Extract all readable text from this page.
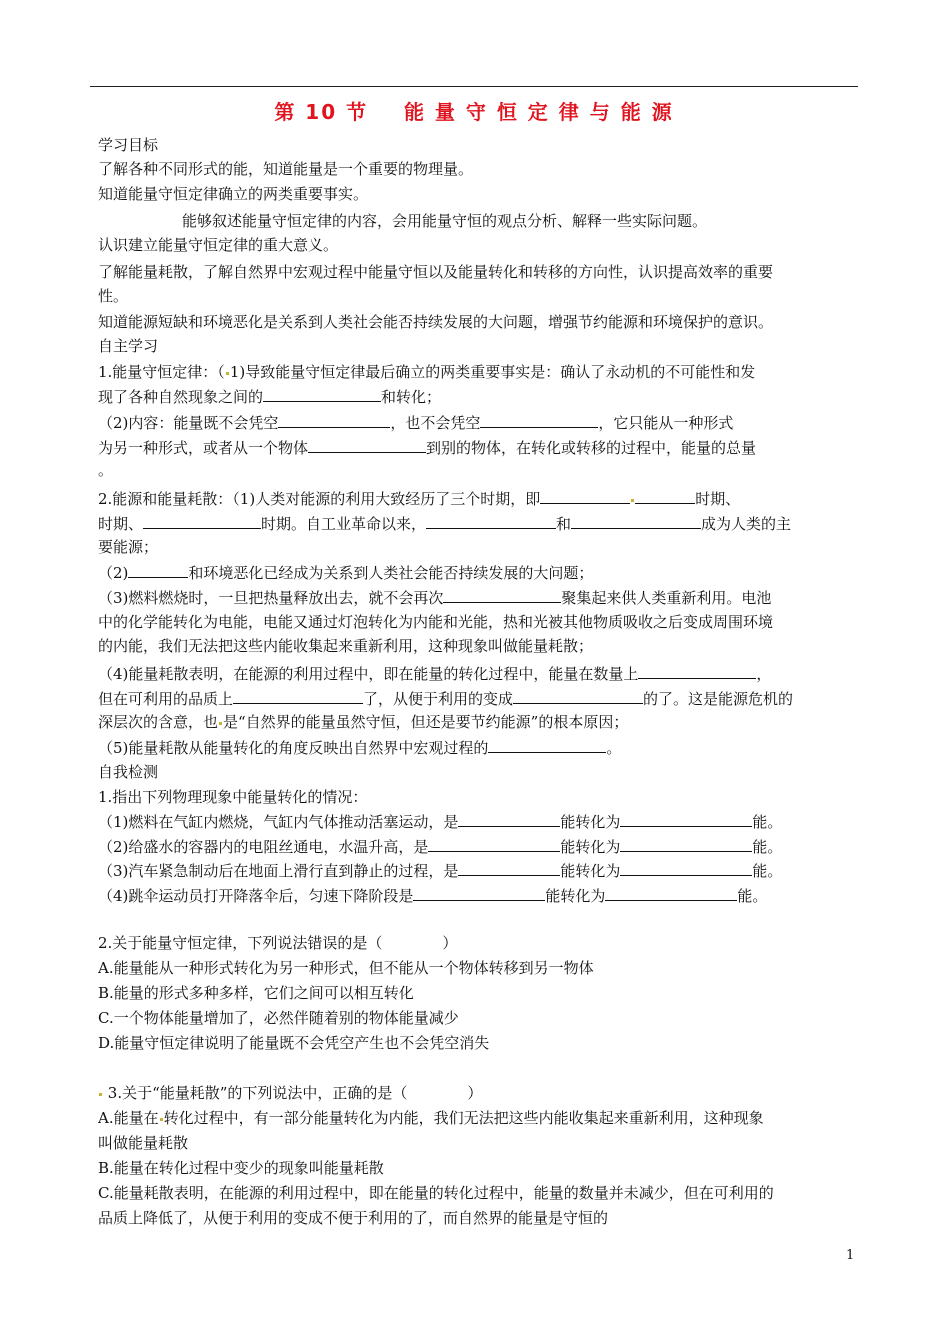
第 10 节    能 量 守 恒 定 律 与 能 源
学习目标
了解各种不同形式的能，知道能量是一个重要的物理量。
知道能量守恒定律确立的两类重要事实。
能够叙述能量守恒定律的内容，会用能量守恒的观点分析、解释一些实际问题。
认识建立能量守恒定律的重大意义。
了解能量耗散，了解自然界中宏观过程中能量守恒以及能量转化和转移的方向性，认识提高效率的重要
性。
知道能源短缺和环境恶化是关系到人类社会能否持续发展的大问题，增强节约能源和环境保护的意识。
自主学习
1.能量守恒定律：（ 1)导致能量守恒定律最后确立的两类重要事实是：确认了永动机的不可能性和发
现了各种自然现象之间的	和转化；
（2)内容：能量既不会凭空	，也不会凭空	，它只能从一种形式
为另一种形式，或者从一个物体	到别的物体，在转化或转移的过程中，能量的总量
。
2.能源和能量耗散：（1)人类对能源的利用大致经历了三个时期，即	时期、
时期、	时期。自工业革命以来，	和	成为人类的主
要能源；
（2)	和环境恶化已经成为关系到人类社会能否持续发展的大问题；
（3)燃料燃烧时，一旦把热量释放出去，就不会再次	聚集起来供人类重新利用。电池
中的化学能转化为电能，电能又通过灯泡转化为内能和光能，热和光被其他物质吸收之后变成周围环境
的内能，我们无法把这些内能收集起来重新利用，这种现象叫做能量耗散；
（4)能量耗散表明，在能源的利用过程中，即在能量的转化过程中，能量在数量上	，
但在可利用的品质上	了，从便于利用的变成	的了。这是能源危机的
深层次的含意，也 是“自然界的能量虽然守恒，但还是要节约能源”的根本原因；
（5)能量耗散从能量转化的角度反映出自然界中宏观过程的	。
自我检测
1.指出下列物理现象中能量转化的情况：
（1)燃料在气缸内燃烧，气缸内气体推动活塞运动，是	能转化为	能。
（2)给盛水的容器内的电阻丝通电，水温升高，是	能转化为	能。
（3)汽车紧急制动后在地面上滑行直到静止的过程，是	能转化为	能。
（4)跳伞运动员打开降落伞后，匀速下降阶段是	能转化为	能。
2.关于能量守恒定律，下列说法错误的是（　　　　）
A.能量能从一种形式转化为另一种形式，但不能从一个物体转移到另一物体
B.能量的形式多种多样，它们之间可以相互转化
C.一个物体能量增加了，必然伴随着别的物体能量减少
D.能量守恒定律说明了能量既不会凭空产生也不会凭空消失
3.关于“能量耗散”的下列说法中，正确的是（　　　　）
A.能量在 转化过程中，有一部分能量转化为内能，我们无法把这些内能收集起来重新利用，这种现象
叫做能量耗散
B.能量在转化过程中变少的现象叫能量耗散
C.能量耗散表明，在能源的利用过程中，即在能量的转化过程中，能量的数量并未减少，但在可利用的
品质上降低了，从便于利用的变成不便于利用的了，而自然界的能量是守恒的
1
